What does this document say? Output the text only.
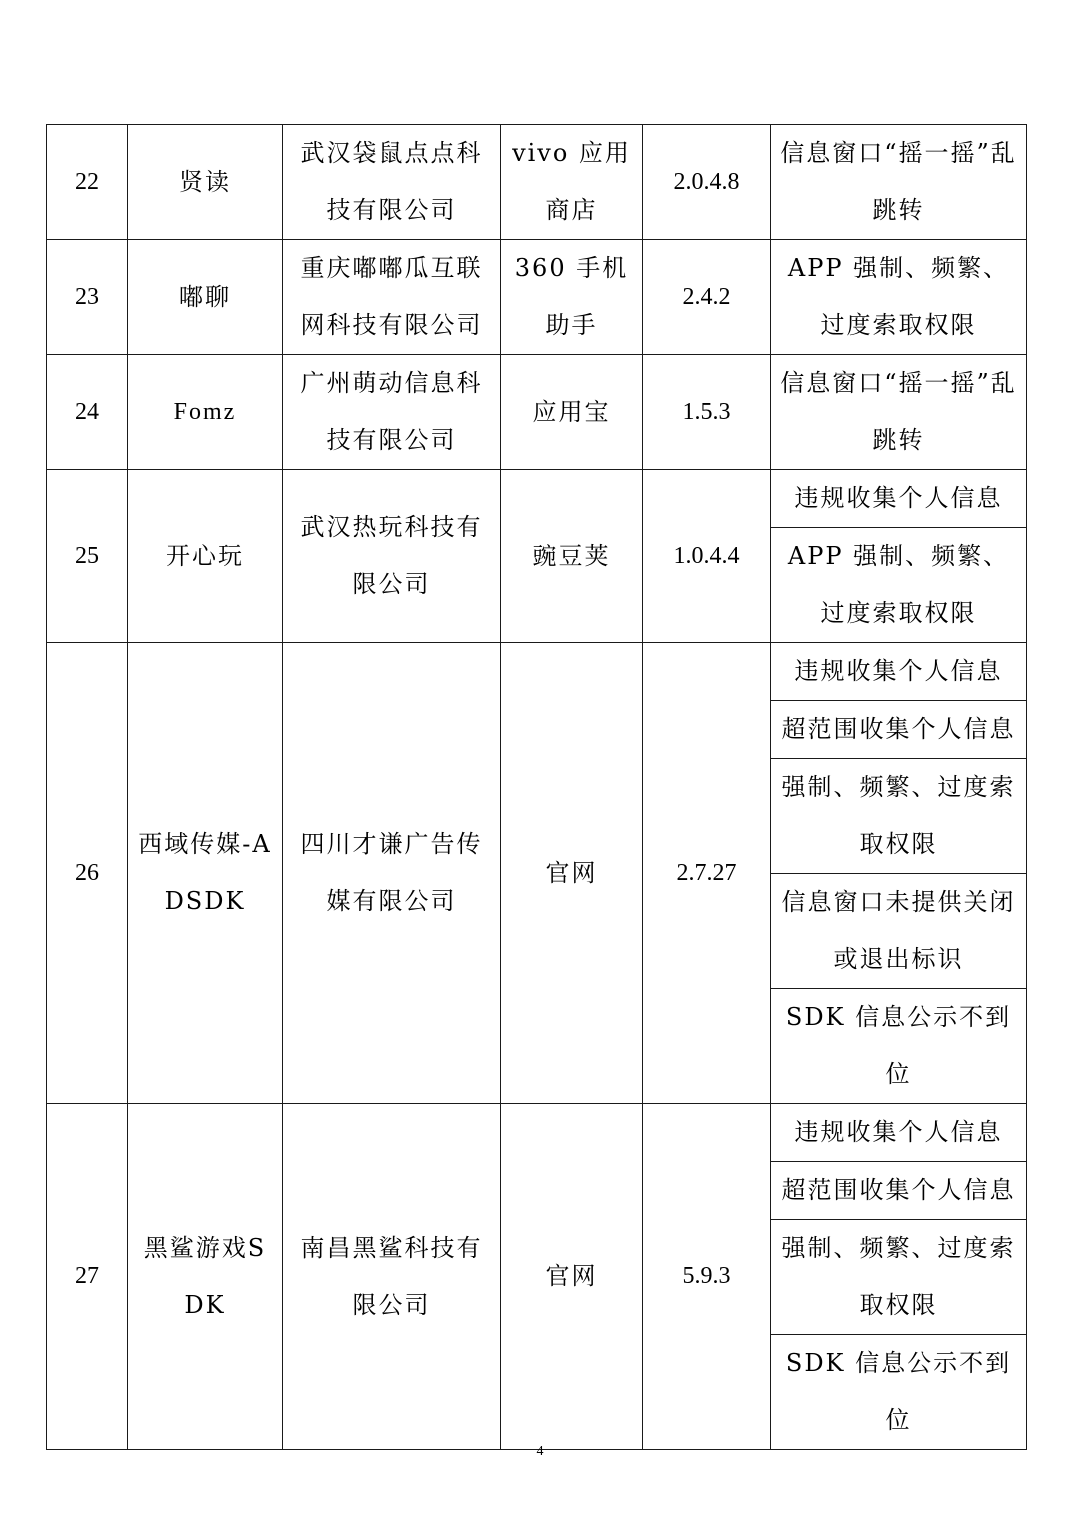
22	贤读	武汉袋鼠点点科技有限公司	vivo 应用商店	2.0.4.8	信息窗口“摇一摇”乱跳转
23	嘟聊	重庆嘟嘟瓜互联网科技有限公司	360 手机助手	2.4.2	APP 强制、频繁、过度索取权限
24	Fomz	广州萌动信息科技有限公司	应用宝	1.5.3	信息窗口“摇一摇”乱跳转
25	开心玩	武汉热玩科技有限公司	豌豆荚	1.0.4.4	违规收集个人信息
					APP 强制、频繁、过度索取权限
26	西域传媒-ADSDK	四川才谦广告传媒有限公司	官网	2.7.27	违规收集个人信息
					超范围收集个人信息
					强制、频繁、过度索取权限
					信息窗口未提供关闭或退出标识
					SDK 信息公示不到位
27	黑鲨游戏SDK	南昌黑鲨科技有限公司	官网	5.9.3	违规收集个人信息
					超范围收集个人信息
					强制、频繁、过度索取权限
					SDK 信息公示不到位
4
